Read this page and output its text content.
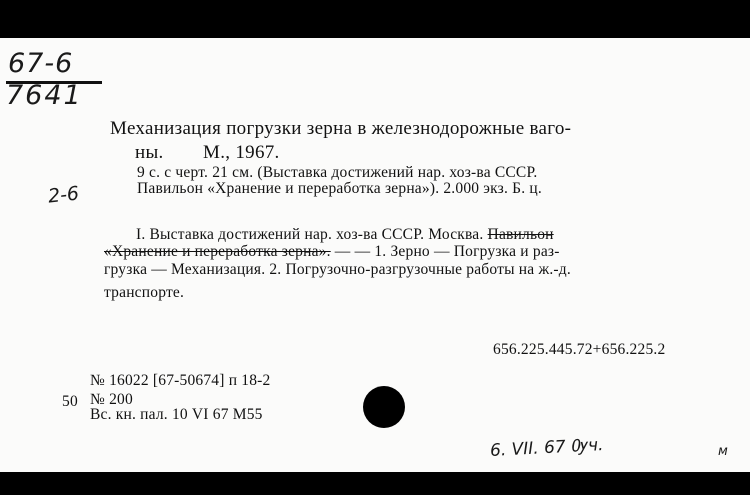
67-6
7641
2-6
Механизация погрузки зерна в железнодорожные ваго-
ны. М., 1967.
9 с. с черт. 21 см. (Выставка достижений нар. хоз-ва СССР.
Павильон «Хранение и переработка зерна»). 2.000 экз. Б. ц.
I. Выставка достижений нар. хоз-ва СССР. Москва. Павильон
«Хранение и переработка зерна». — — 1. Зерно — Погрузка и раз-
грузка — Механизация. 2. Погрузочно-разгрузочные работы на ж.-д.
транспорте.
656.225.445.72+656.225.2
№ 16022 [67-50674] п 18-2
50 № 200
Вс. кн. пал. 10 VI 67 М55
6. VII. 67 Ѹч.	м
